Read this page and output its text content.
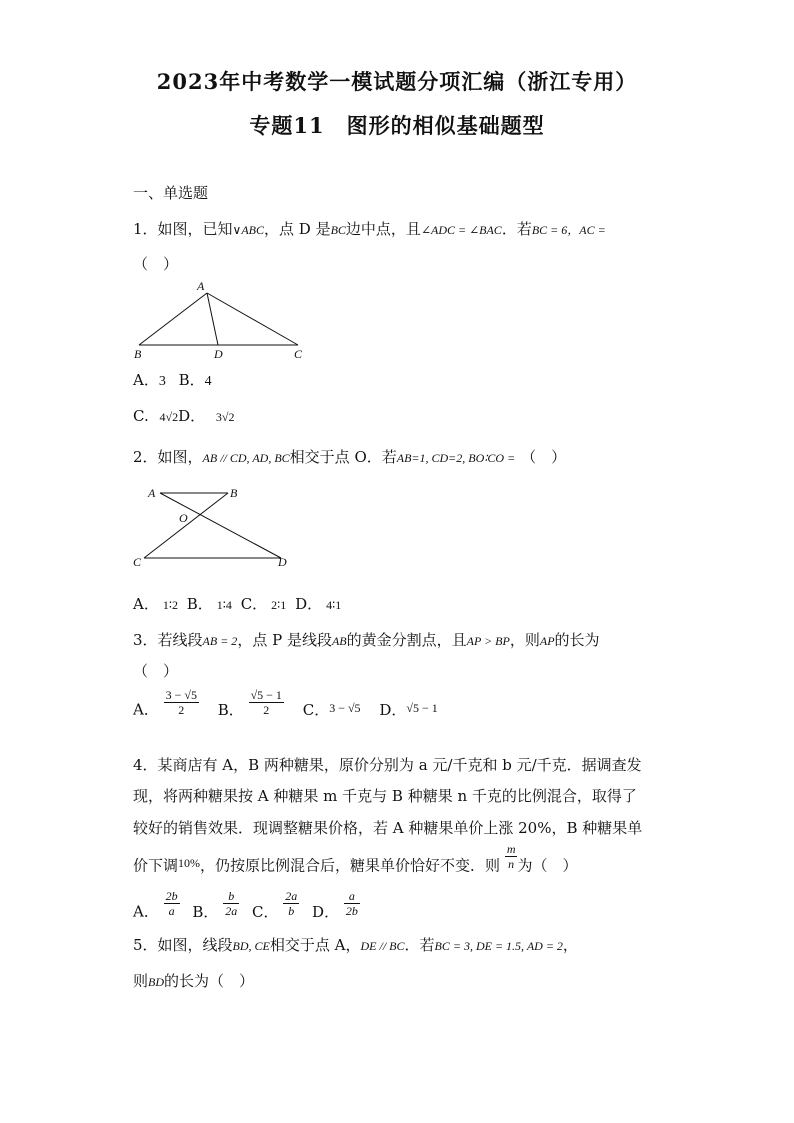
2023年中考数学一模试题分项汇编（浙江专用）
专题11　图形的相似基础题型
一、单选题
1．如图，已知∨ABC，点 D 是BC边中点，且∠ADC = ∠BAC．若BC = 6，AC =
（　）
A
B	D	C
A．3 B．4
C. 4√2D． 3√2
2．如图，AB // CD, AD, BC相交于点 O．若AB=1, CD=2, BO∶CO = （　）
A	B
O
C	D
A． 1∶2 B． 1∶4 C． 2∶1 D． 4∶1
3．若线段AB = 2，点 P 是线段AB的黄金分割点，且AP > BP，则AP的长为
（　）
A． $\frac{3 - √5}{2}$ B． $\frac{√5 - 1}{2}$ C．$^{3 - √5}$ D．$^{√5 - 1}$
4．某商店有 A，B 两种糖果，原价分别为 a 元/千克和 b 元/千克．据调查发
现，将两种糖果按 A 种糖果 m 千克与 B 种糖果 n 千克的比例混合，取得了
较好的销售效果．现调整糖果价格，若 A 种糖果单价上涨 20%，B 种糖果单
价下调$^{10\%}$，仍按原比例混合后，糖果单价恰好不变．则 $\frac{m}{n}$ 为（　）
A． $\frac{2b}{a}$ B． $\frac{b}{2a}$ C． $\frac{2a}{b}$ D． $\frac{a}{2b}$
5．如图，线段BD, CE相交于点 A，DE // BC．若BC = 3, DE = 1.5, AD = 2，
则BD的长为（　）
